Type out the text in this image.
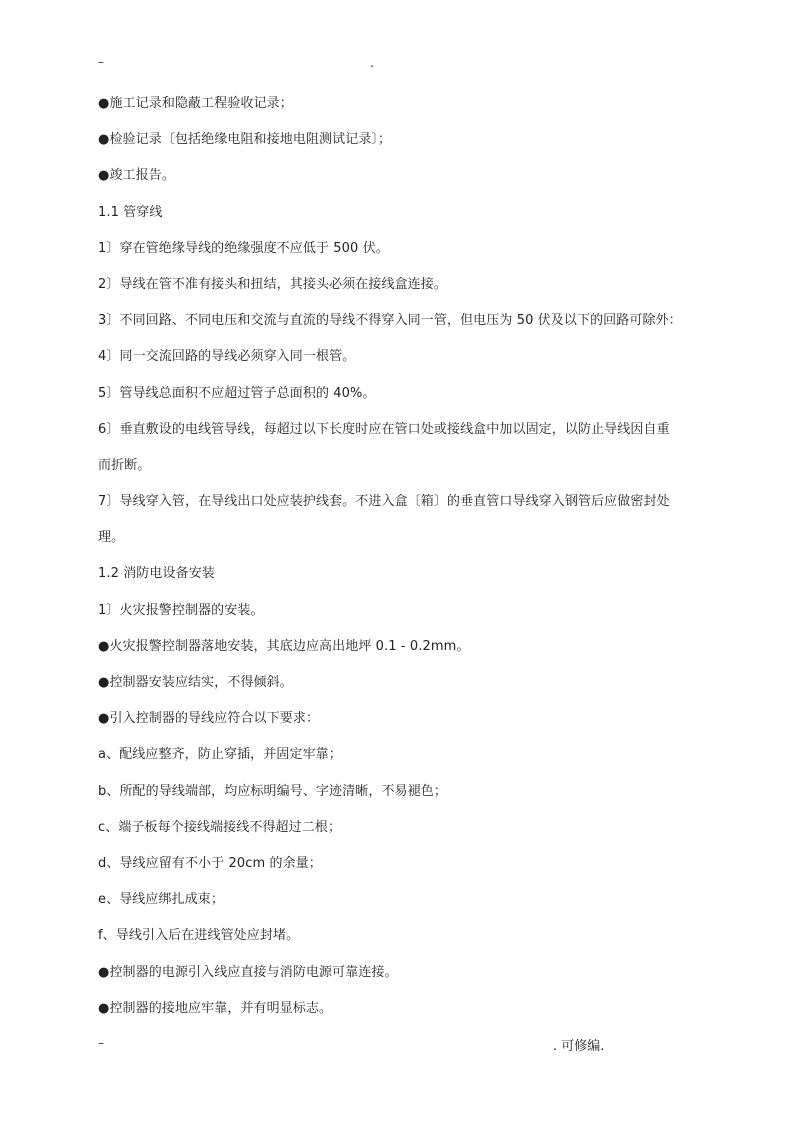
–	.
●施工记录和隐蔽工程验收记录；
●检验记录〔包括绝缘电阻和接地电阻测试记录〕；
●竣工报告。
1.1 管穿线
1〕穿在管绝缘导线的绝缘强度不应低于 500 伏。
2〕导线在管不准有接头和扭结，其接头必须在接线盒连接。
3〕不同回路、不同电压和交流与直流的导线不得穿入同一管，但电压为 50 伏及以下的回路可除外：
4〕同一交流回路的导线必须穿入同一根管。
5〕管导线总面积不应超过管子总面积的 40%。
6〕垂直敷设的电线管导线，每超过以下长度时应在管口处或接线盒中加以固定，以防止导线因自重
而折断。
7〕导线穿入管，在导线出口处应装护线套。不进入盒〔箱〕的垂直管口导线穿入钢管后应做密封处
理。
1.2 消防电设备安装
1〕火灾报警控制器的安装。
●火灾报警控制器落地安装，其底边应高出地坪 0.1 - 0.2mm。
●控制器安装应结实，不得倾斜。
●引入控制器的导线应符合以下要求：
a、配线应整齐，防止穿插，并固定牢靠；
b、所配的导线端部，均应标明编号、字迹清晰，不易褪色；
c、端子板每个接线端接线不得超过二根；
d、导线应留有不小于 20cm 的余量；
e、导线应绑扎成束；
f、导线引入后在进线管处应封堵。
●控制器的电源引入线应直接与消防电源可靠连接。
●控制器的接地应牢靠，并有明显标志。
–	. 可修编.
